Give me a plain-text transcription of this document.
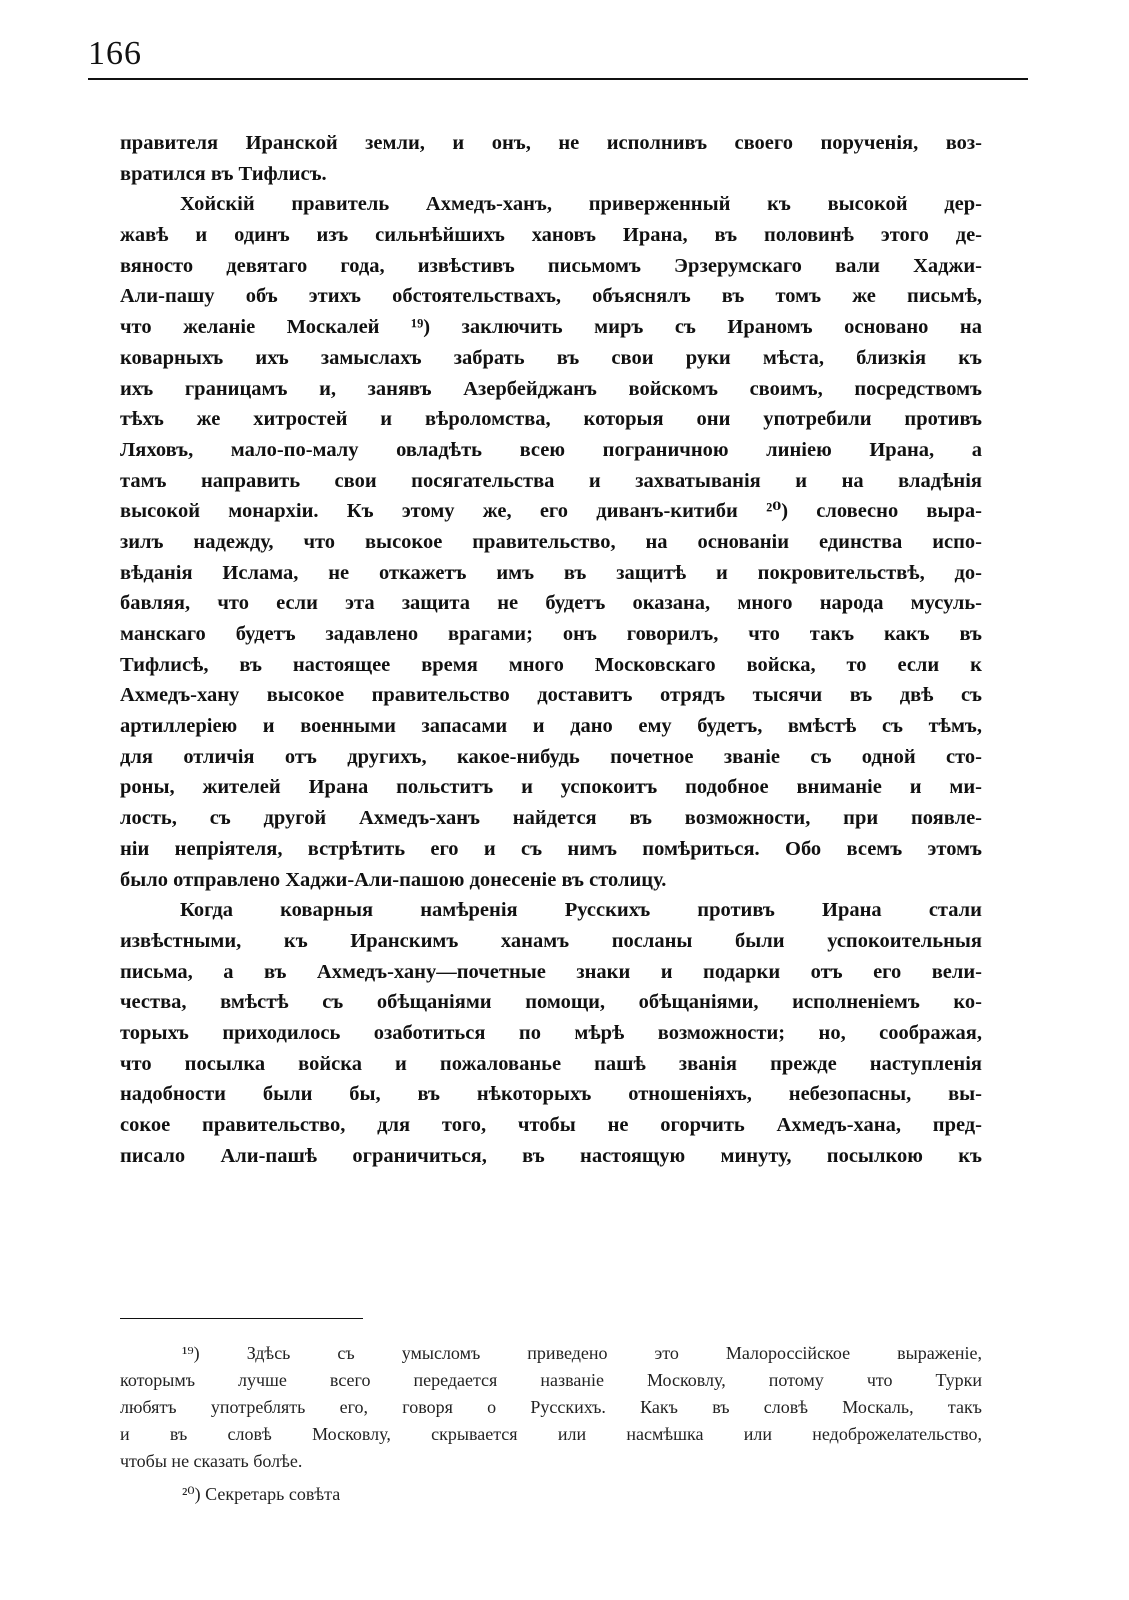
166
правителя Иранской земли, и онъ, не исполнивъ своего порученія, воз-
вратился въ Тифлисъ.
Хойскій правитель Ахмедъ-ханъ, приверженный къ высокой дер-
жавѣ и одинъ изъ сильнѣйшихъ хановъ Ирана, въ половинѣ этого де-
вяносто девятаго года, извѣстивъ письмомъ Эрзерумскаго вали Хаджи-
Али-пашу объ этихъ обстоятельствахъ, объяснялъ въ томъ же письмѣ,
что желаніе Москалей ¹⁹) заключить миръ съ Ираномъ основано на
коварныхъ ихъ замыслахъ забрать въ свои руки мѣста, близкія къ
ихъ границамъ и, занявъ Азербейджанъ войскомъ своимъ, посредствомъ
тѣхъ же хитростей и вѣроломства, которыя они употребили противъ
Ляховъ, мало-по-малу овладѣть всею пограничною линіею Ирана, а
тамъ направить свои посягательства и захватыванія и на владѣнія
высокой монархіи. Къ этому же, его диванъ-китиби ²⁰) словесно выра-
зилъ надежду, что высокое правительство, на основаніи единства испо-
вѣданія Ислама, не откажетъ имъ въ защитѣ и покровительствѣ, до-
бавляя, что если эта защита не будетъ оказана, много народа мусуль-
манскаго будетъ задавлено врагами; онъ говорилъ, что такъ какъ въ
Тифлисѣ, въ настоящее время много Московскаго войска, то если к
Ахмедъ-хану высокое правительство доставитъ отрядъ тысячи въ двѣ съ
артиллеріею и военными запасами и дано ему будетъ, вмѣстѣ съ тѣмъ,
для отличія отъ другихъ, какое-нибудь почетное званіе съ одной сто-
роны, жителей Ирана польститъ и успокоитъ подобное вниманіе и ми-
лость, съ другой Ахмедъ-ханъ найдется въ возможности, при появле-
ніи непріятеля, встрѣтить его и съ нимъ помѣриться. Обо всемъ этомъ
было отправлено Хаджи-Али-пашою донесеніе въ столицу.
Когда коварныя намѣренія Русскихъ противъ Ирана стали
извѣстными, къ Иранскимъ ханамъ посланы были успокоительныя
письма, а въ Ахмедъ-хану—почетные знаки и подарки отъ его вели-
чества, вмѣстѣ съ обѣщаніями помощи, обѣщаніями, исполненіемъ ко-
торыхъ приходилось озаботиться по мѣрѣ возможности; но, соображая,
что посылка войска и пожалованье пашѣ званія прежде наступленія
надобности были бы, въ нѣкоторыхъ отношеніяхъ, небезопасны, вы-
сокое правительство, для того, чтобы не огорчить Ахмедъ-хана, пред-
писало Али-пашѣ ограничиться, въ настоящую минуту, посылкою къ
¹⁹)	Здѣсь съ умысломъ приведено это Малороссійское выраженіе,
которымъ лучше всего передается названіе Московлу, потому что Турки
любятъ употреблять его, говоря о Русскихъ. Какъ въ словѣ Москаль, такъ
и въ словѣ Московлу, скрывается или насмѣшка или недоброжелательство,
чтобы не сказать болѣе.
²⁰) Секретарь совѣта
